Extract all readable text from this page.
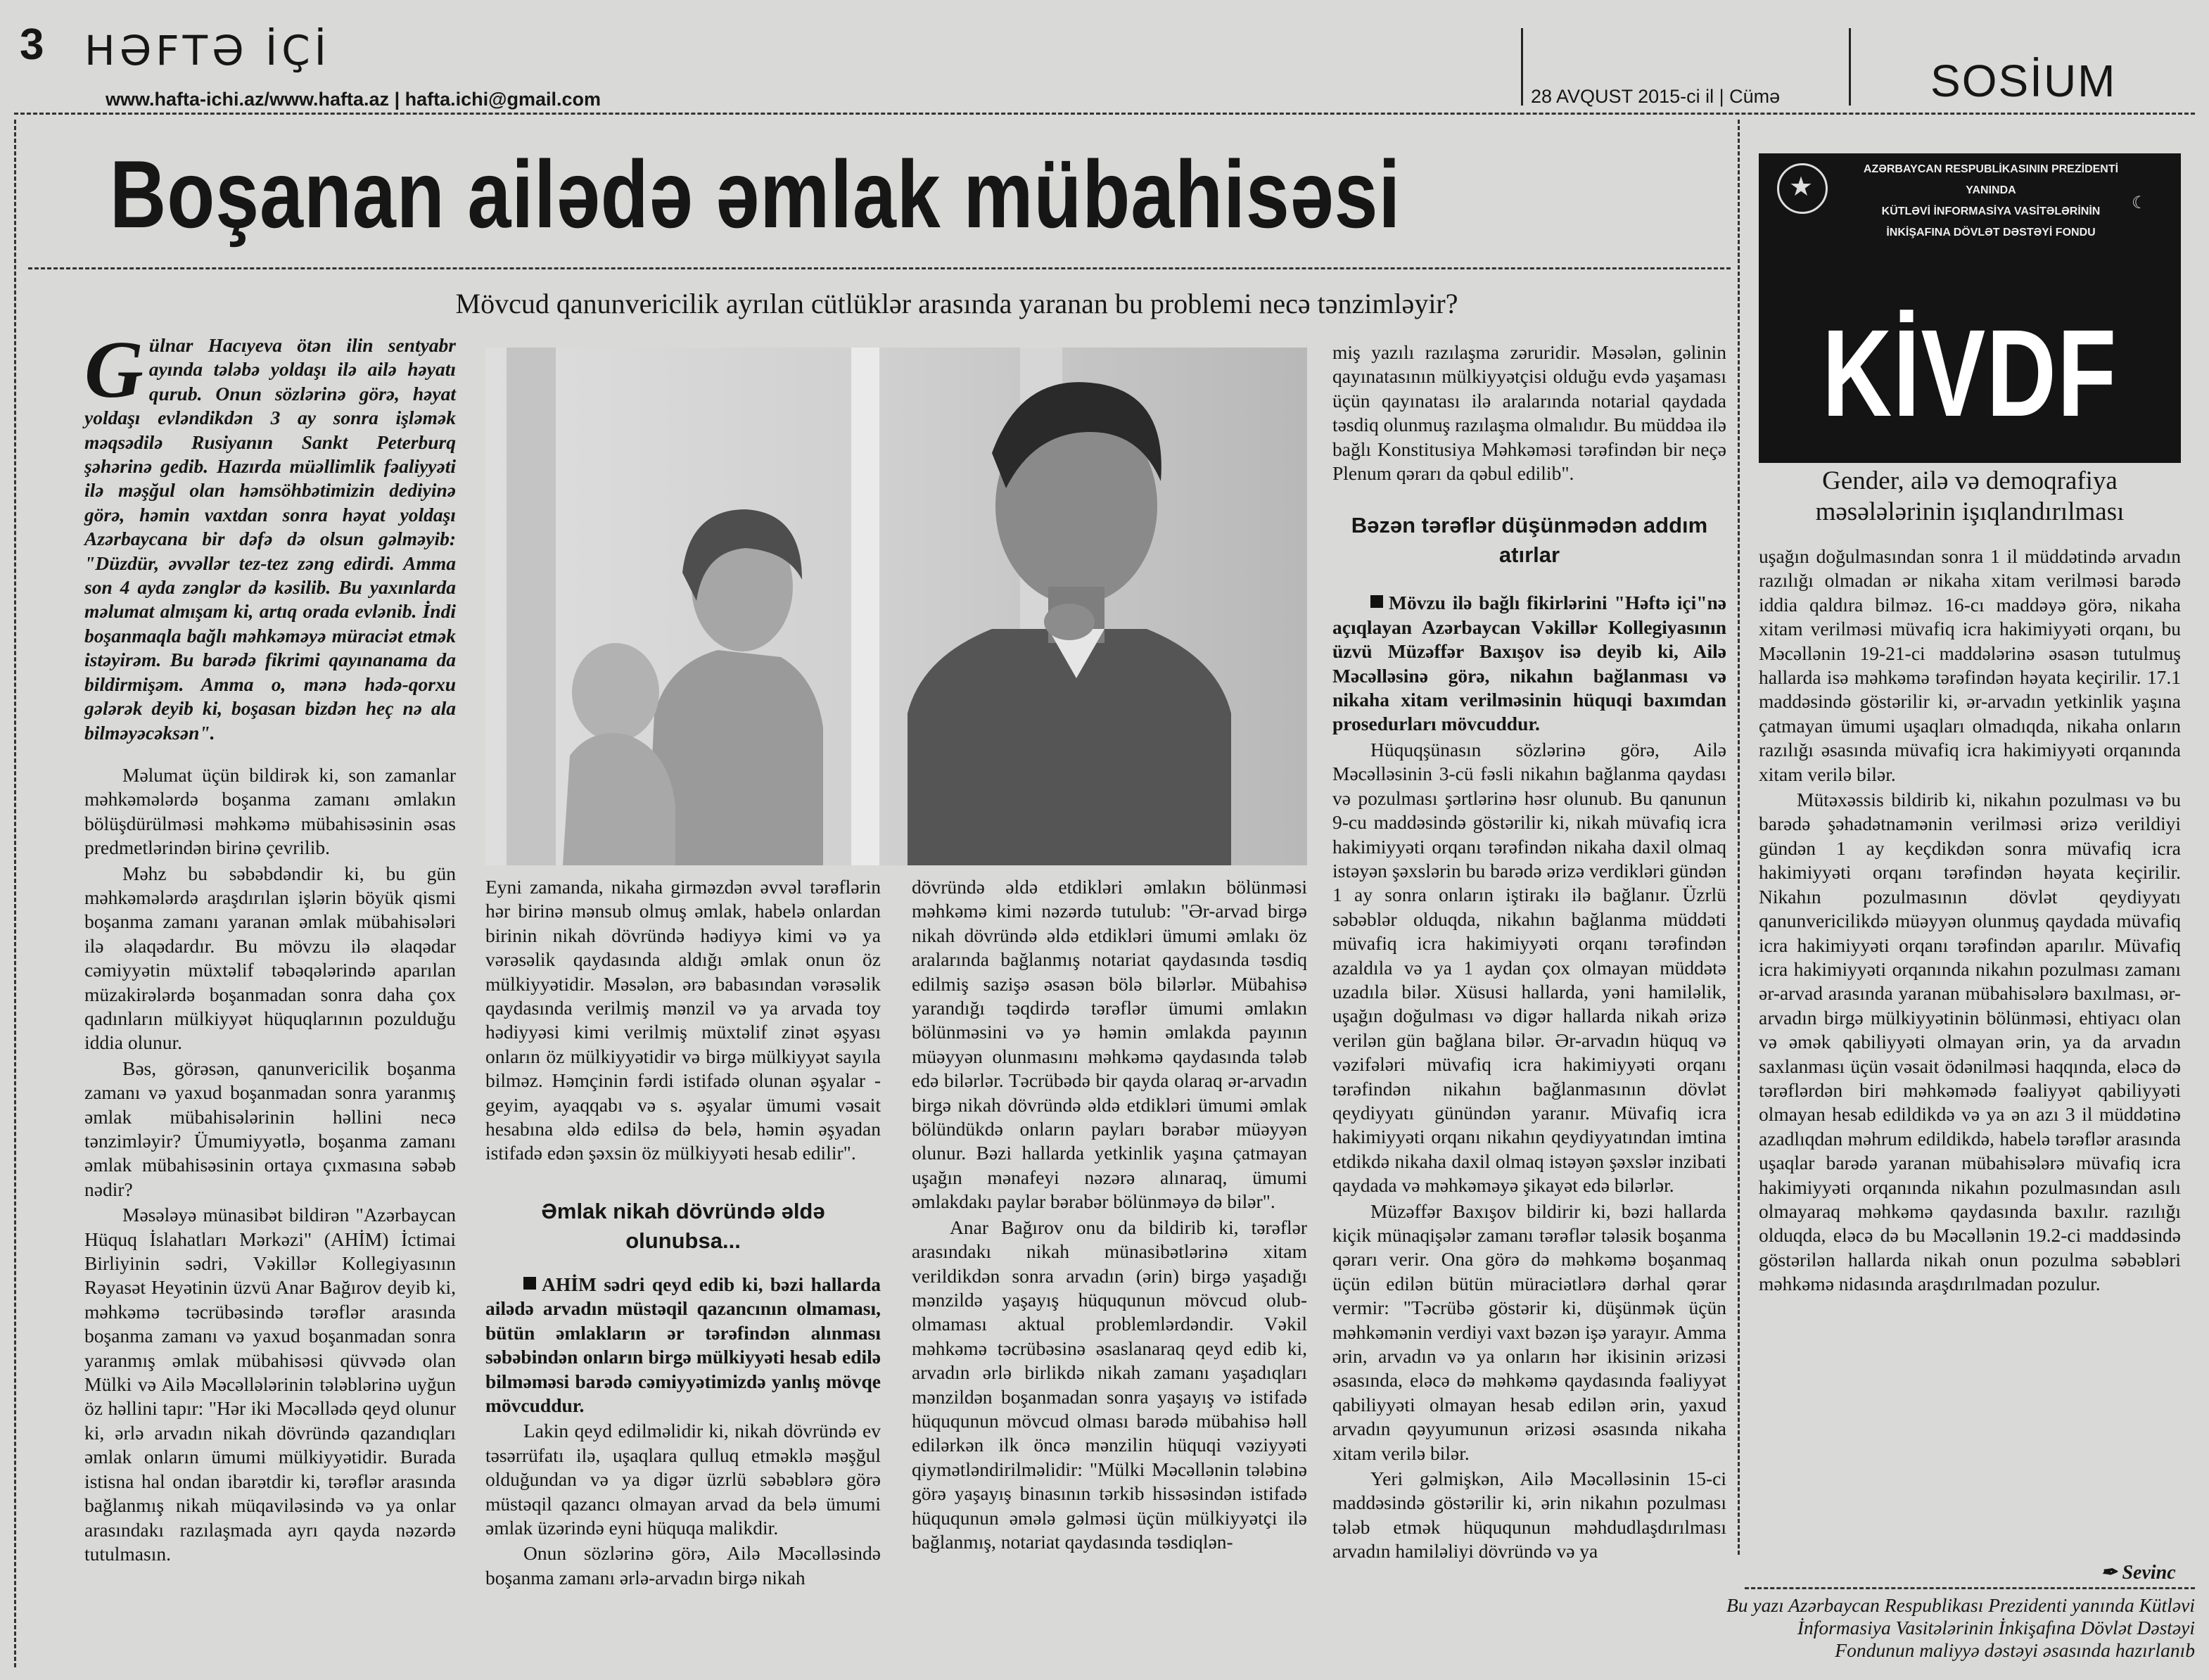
3 HƏFTƏ İÇİ
www.hafta-ichi.az/www.hafta.az | hafta.ichi@gmail.com	28 AVQUST 2015-ci il | Cümə	SOSİUM
Boşanan ailədə əmlak mübahisəsi
Mövcud qanunvericilik ayrılan cütlüklər arasında yaranan bu problemi necə tənzimləyir?
★
AZƏRBAYCAN RESPUBLİKASININ PREZİDENTİ YANINDA
KÜTLƏVİ İNFORMASİYA VASİTƏLƏRİNİN
İNKİŞAFINA DÖVLƏT DƏSTƏYİ FONDU
☾
KİVDF
Gender, ailə və demoqrafiya məsələlərinin işıqlandırılması

Gülnar Hacıyeva ötən ilin sentyabr ayında tələbə yoldaşı ilə ailə həyatı qurub. Onun sözlərinə görə, həyat yoldaşı evləndikdən 3 ay sonra işləmək məqsədilə Rusiyanın Sankt Peterburq şəhərinə gedib. Hazırda müəllimlik fəaliyyəti ilə məşğul olan həmsöhbətimizin dediyinə görə, həmin vaxtdan sonra həyat yoldaşı Azərbaycana bir dəfə də olsun gəlməyib: "Düzdür, əvvəllər tez-tez zəng edirdi. Amma son 4 ayda zənglər də kəsilib. Bu yaxınlarda məlumat almışam ki, artıq orada evlənib. İndi boşanmaqla bağlı məhkəməyə müraciət etmək istəyirəm. Bu barədə fikrimi qayınanama da bildirmişəm. Amma o, mənə hədə-qorxu gələrək deyib ki, boşasan bizdən heç nə ala bilməyəcəksən".

Məlumat üçün bildirək ki, son zamanlar məhkəmələrdə boşanma zamanı əmlakın bölüşdürülməsi məhkəmə mübahisəsinin əsas predmetlərindən birinə çevrilib.

Məhz bu səbəbdəndir ki, bu gün məhkəmələrdə araşdırılan işlərin böyük qismi boşanma zamanı yaranan əmlak mübahisələri ilə əlaqədardır. Bu mövzu ilə əlaqədar cəmiyyətin müxtəlif təbəqələrində aparılan müzakirələrdə boşanmadan sonra daha çox qadınların mülkiyyət hüquqlarının pozulduğu iddia olunur.

Bəs, görəsən, qanunvericilik boşanma zamanı və yaxud boşanmadan sonra yaranmış əmlak mübahisələrinin həllini necə tənzimləyir? Ümumiyyətlə, boşanma zamanı əmlak mübahisəsinin ortaya çıxmasına səbəb nədir?

Məsələyə münasibət bildirən "Azərbaycan Hüquq İslahatları Mərkəzi" (AHİM) İctimai Birliyinin sədri, Vəkillər Kollegiyasının Rəyasət Heyətinin üzvü Anar Bağırov deyib ki, məhkəmə təcrübəsində tərəflər arasında boşanma zamanı və yaxud boşanmadan sonra yaranmış əmlak mübahisəsi qüvvədə olan Mülki və Ailə Məcəllələrinin tələblərinə uyğun öz həllini tapır: "Hər iki Məcəllədə qeyd olunur ki, ərlə arvadın nikah dövründə qazandıqları əmlak onların ümumi mülkiyyətidir. Burada istisna hal ondan ibarətdir ki, tərəflər arasında bağlanmış nikah müqaviləsində və ya onlar arasındakı razılaşmada ayrı qayda nəzərdə tutulmasın.

Eyni zamanda, nikaha girməzdən əvvəl tərəflərin hər birinə mənsub olmuş əmlak, habelə onlardan birinin nikah dövründə hədiyyə kimi və ya vərəsəlik qaydasında aldığı əmlak onun öz mülkiyyətidir. Məsələn, ərə babasından vərəsəlik qaydasında verilmiş mənzil və ya arvada toy hədiyyəsi kimi verilmiş müxtəlif zinət əşyası onların öz mülkiyyətidir və birgə mülkiyyət sayıla bilməz. Həmçinin fərdi istifadə olunan əşyalar - geyim, ayaqqabı və s. əşyalar ümumi vəsait hesabına əldə edilsə də belə, həmin əşyadan istifadə edən şəxsin öz mülkiyyəti hesab edilir".

Əmlak nikah dövründə əldə olunubsa...

AHİM sədri qeyd edib ki, bəzi hallarda ailədə arvadın müstəqil qazancının olmaması, bütün əmlakların ər tərəfindən alınması səbəbindən onların birgə mülkiyyəti hesab edilə bilməməsi barədə cəmiyyətimizdə yanlış mövqe mövcuddur.

Lakin qeyd edilməlidir ki, nikah dövründə ev təsərrüfatı ilə, uşaqlara qulluq etməklə məşğul olduğundan və ya digər üzrlü səbəblərə görə müstəqil qazancı olmayan arvad da belə ümumi əmlak üzərində eyni hüquqa malikdir.

Onun sözlərinə görə, Ailə Məcəlləsində boşanma zamanı ərlə-arvadın birgə nikah

dövründə əldə etdikləri əmlakın bölünməsi məhkəmə kimi nəzərdə tutulub: "Ər-arvad birgə nikah dövründə əldə etdikləri ümumi əmlakı öz aralarında bağlanmış notariat qaydasında təsdiq edilmiş sazişə əsasən bölə bilərlər. Mübahisə yarandığı təqdirdə tərəflər ümumi əmlakın bölünməsini və yə həmin əmlakda payının müəyyən olunmasını məhkəmə qaydasında tələb edə bilərlər. Təcrübədə bir qayda olaraq ər-arvadın birgə nikah dövründə əldə etdikləri ümumi əmlak bölündükdə onların payları bərabər müəyyən olunur. Bəzi hallarda yetkinlik yaşına çatmayan uşağın mənafeyi nəzərə alınaraq, ümumi əmlakdakı paylar bərabər bölünməyə də bilər".

Anar Bağırov onu da bildirib ki, tərəflər arasındakı nikah münasibətlərinə xitam verildikdən sonra arvadın (ərin) birgə yaşadığı mənzildə yaşayış hüququnun mövcud olub-olmaması aktual problemlərdəndir. Vəkil məhkəmə təcrübəsinə əsaslanaraq qeyd edib ki, arvadın ərlə birlikdə nikah zamanı yaşadıqları mənzildən boşanmadan sonra yaşayış və istifadə hüququnun mövcud olması barədə mübahisə həll edilərkən ilk öncə mənzilin hüquqi vəziyyəti qiymətləndirilməlidir: "Mülki Məcəllənin tələbinə görə yaşayış binasının tərkib hissəsindən istifadə hüququnun əmələ gəlməsi üçün mülkiyyətçi ilə bağlanmış, notariat qaydasında təsdiqlən-

miş yazılı razılaşma zəruridir. Məsələn, gəlinin qayınatasının mülkiyyətçisi olduğu evdə yaşaması üçün qayınatası ilə aralarında notarial qaydada təsdiq olunmuş razılaşma olmalıdır. Bu müddəa ilə bağlı Konstitusiya Məhkəməsi tərəfindən bir neçə Plenum qərarı da qəbul edilib".

Bəzən tərəflər düşünmədən addım atırlar

Mövzu ilə bağlı fikirlərini "Həftə içi"nə açıqlayan Azərbaycan Vəkillər Kollegiyasının üzvü Müzəffər Baxışov isə deyib ki, Ailə Məcəlləsinə görə, nikahın bağlanması və nikaha xitam verilməsinin hüquqi baxımdan prosedurları mövcuddur.

Hüquqşünasın sözlərinə görə, Ailə Məcəlləsinin 3-cü fəsli nikahın bağlanma qaydası və pozulması şərtlərinə həsr olunub. Bu qanunun 9-cu maddəsində göstərilir ki, nikah müvafiq icra hakimiyyəti orqanı tərəfindən nikaha daxil olmaq istəyən şəxslərin bu barədə ərizə verdikləri gündən 1 ay sonra onların iştirakı ilə bağlanır. Üzrlü səbəblər olduqda, nikahın bağlanma müddəti müvafiq icra hakimiyyəti orqanı tərəfindən azaldıla və ya 1 aydan çox olmayan müddətə uzadıla bilər. Xüsusi hallarda, yəni hamiləlik, uşağın doğulması və digər hallarda nikah ərizə verilən gün bağlana bilər. Ər-arvadın hüquq və vəzifələri müvafiq icra hakimiyyəti orqanı tərəfindən nikahın bağlanmasının dövlət qeydiyyatı günündən yaranır. Müvafiq icra hakimiyyəti orqanı nikahın qeydiyyatından imtina etdikdə nikaha daxil olmaq istəyən şəxslər inzibati qaydada və məhkəməyə şikayət edə bilərlər.

Müzəffər Baxışov bildirir ki, bəzi hallarda kiçik münaqişələr zamanı tərəflər tələsik boşanma qərarı verir. Ona görə də məhkəmə boşanmaq üçün edilən bütün müraciətlərə dərhal qərar vermir: "Təcrübə göstərir ki, düşünmək üçün məhkəmənin verdiyi vaxt bəzən işə yarayır. Amma ərin, arvadın və ya onların hər ikisinin ərizəsi əsasında, eləcə də məhkəmə qaydasında fəaliyyət qabiliyyəti olmayan hesab edilən ərin, yaxud arvadın qəyyumunun ərizəsi əsasında nikaha xitam verilə bilər.

Yeri gəlmişkən, Ailə Məcəlləsinin 15-ci maddəsində göstərilir ki, ərin nikahın pozulması tələb etmək hüququnun məhdudlaşdırılması arvadın hamiləliyi dövründə və ya

uşağın doğulmasından sonra 1 il müddətində arvadın razılığı olmadan ər nikaha xitam verilməsi barədə iddia qaldıra bilməz. 16-cı maddəyə görə, nikaha xitam verilməsi müvafiq icra hakimiyyəti orqanı, bu Məcəllənin 19-21-ci maddələrinə əsasən tutulmuş hallarda isə məhkəmə tərəfindən həyata keçirilir. 17.1 maddəsində göstərilir ki, ər-arvadın yetkinlik yaşına çatmayan ümumi uşaqları olmadıqda, nikaha onların razılığı əsasında müvafiq icra hakimiyyəti orqanında xitam verilə bilər.

Mütəxəssis bildirib ki, nikahın pozulması və bu barədə şəhadətnamənin verilməsi ərizə verildiyi gündən 1 ay keçdikdən sonra müvafiq icra hakimiyyəti orqanı tərəfindən həyata keçirilir. Nikahın pozulmasının dövlət qeydiyyatı qanunvericilikdə müəyyən olunmuş qaydada müvafiq icra hakimiyyəti orqanı tərəfindən aparılır. Müvafiq icra hakimiyyəti orqanında nikahın pozulması zamanı ər-arvad arasında yaranan mübahisələrə baxılması, ər-arvadın birgə mülkiyyətinin bölünməsi, ehtiyacı olan və əmək qabiliyyəti olmayan ərin, ya da arvadın saxlanması üçün vəsait ödənilməsi haqqında, eləcə də tərəflərdən biri məhkəmədə fəaliyyət qabiliyyəti olmayan hesab edildikdə və ya ən azı 3 il müddətinə azadlıqdan məhrum edildikdə, habelə tərəflər arasında uşaqlar barədə yaranan mübahisələrə müvafiq icra hakimiyyəti orqanında nikahın pozulmasından asılı olmayaraq məhkəmə qaydasında baxılır. razılığı olduqda, eləcə də bu Məcəllənin 19.2-ci maddəsində göstərilən hallarda nikah onun pozulma səbəbləri məhkəmə nidasında araşdırılmadan pozulur.

✒ Sevinc
Bu yazı Azərbaycan Respublikası Prezidenti yanında Kütləvi İnformasiya Vasitələrinin İnkişafına Dövlət Dəstəyi Fondunun maliyyə dəstəyi əsasında hazırlanıb
